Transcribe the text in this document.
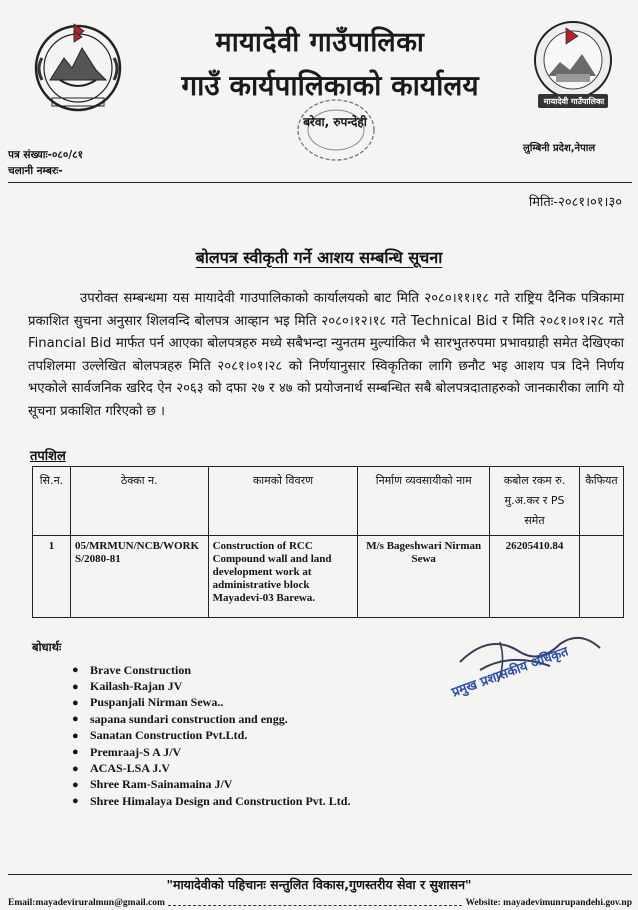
मायादेवी गाउँपालिका
गाउँ कार्यपालिकाको कार्यालय
बरेवा, रुपन्देही
मायादेवी गाउँपालिका
लुम्बिनी प्रदेश,नेपाल
पत्र संख्याः-०८०/८१
चलानी नम्बरः-
मितिः-२०८१।०१।३०
बोलपत्र स्वीकृती गर्ने आशय सम्बन्धि सूचना

उपरोक्त सम्बन्धमा यस मायादेवी गाउपालिकाको कार्यालयको बाट मिति २०८०।११।१८ गते राष्ट्रिय दैनिक पत्रिकामा प्रकाशित सुचना अनुसार शिलवन्दि बोलपत्र आव्हान भइ मिति २०८०।१२।१८ गते Technical Bid र मिति २०८१।०१।२८ गते Financial Bid मार्फत पर्न आएका बोलपत्रहरु मध्ये सबैभन्दा न्युनतम मुल्यांकित भै सारभुतरुपमा प्रभावग्राही समेत देखिएका तपशिलमा उल्लेखित बोलपत्रहरु मिति २०८१।०१।२८ को निर्णयानुसार स्विकृतिका लागि छनौट भइ आशय पत्र दिने निर्णय भएकोले सार्वजनिक खरिद ऐन २०६३ को दफा २७ र ४७ को प्रयोजनार्थ सम्बन्धित सबै बोलपत्रदाताहरुको जानकारीका लागि यो सूचना प्रकाशित गरिएको छ ।

तपशिल
सि.न.	ठेक्का न.	कामको विवरण	निर्माण व्यवसायीको नाम	कबोल रकम रु. मु.अ.कर र PS समेत	कैफियत
1	05/MRMUN/NCB/WORKS/2080-81	Construction of RCC Compound wall and land development work at administrative block Mayadevi-03 Barewa.	M/s Bageshwari Nirman Sewa	26205410.84	
बोधार्थः
● Brave Construction
● Kailash-Rajan JV
● Puspanjali Nirman Sewa..
● sapana sundari construction and engg.
● Sanatan Construction Pvt.Ltd.
● Premraaj-S A J/V
● ACAS-LSA J.V
● Shree Ram-Sainamaina J/V
● Shree Himalaya Design and Construction Pvt. Ltd.
प्रमुख प्रशासकीय अधिकृत
"मायादेवीको पहिचानः सन्तुलित विकास,गुणस्तरीय सेवा र सुशासन"
Email:mayadeviruralmun@gmail.com	Website: mayadevimunrupandehi.gov.np
